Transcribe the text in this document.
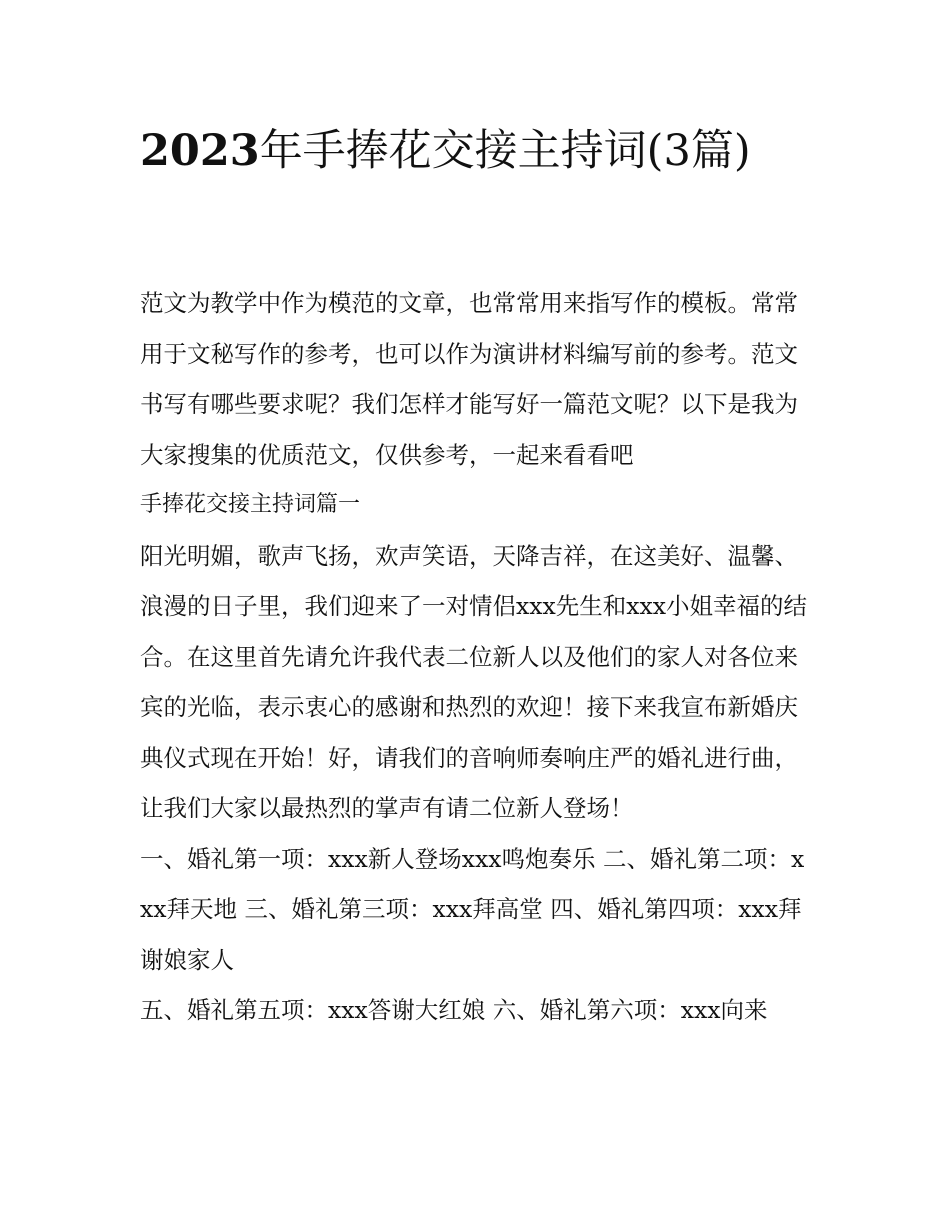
2023年手捧花交接主持词(3篇)

范文为教学中作为模范的文章，也常常用来指写作的模板。常常用于文秘写作的参考，也可以作为演讲材料编写前的参考。范文书写有哪些要求呢？我们怎样才能写好一篇范文呢？以下是我为大家搜集的优质范文，仅供参考，一起来看看吧

手捧花交接主持词篇一

阳光明媚，歌声飞扬，欢声笑语，天降吉祥，在这美好、温馨、浪漫的日子里，我们迎来了一对情侣xxx先生和xxx小姐幸福的结合。在这里首先请允许我代表二位新人以及他们的家人对各位来宾的光临，表示衷心的感谢和热烈的欢迎！接下来我宣布新婚庆典仪式现在开始！好，请我们的音响师奏响庄严的婚礼进行曲，让我们大家以最热烈的掌声有请二位新人登场！

一、婚礼第一项：xxx新人登场xxx鸣炮奏乐 二、婚礼第二项：xxx拜天地 三、婚礼第三项：xxx拜高堂 四、婚礼第四项：xxx拜谢娘家人

五、婚礼第五项：xxx答谢大红娘 六、婚礼第六项：xxx向来
